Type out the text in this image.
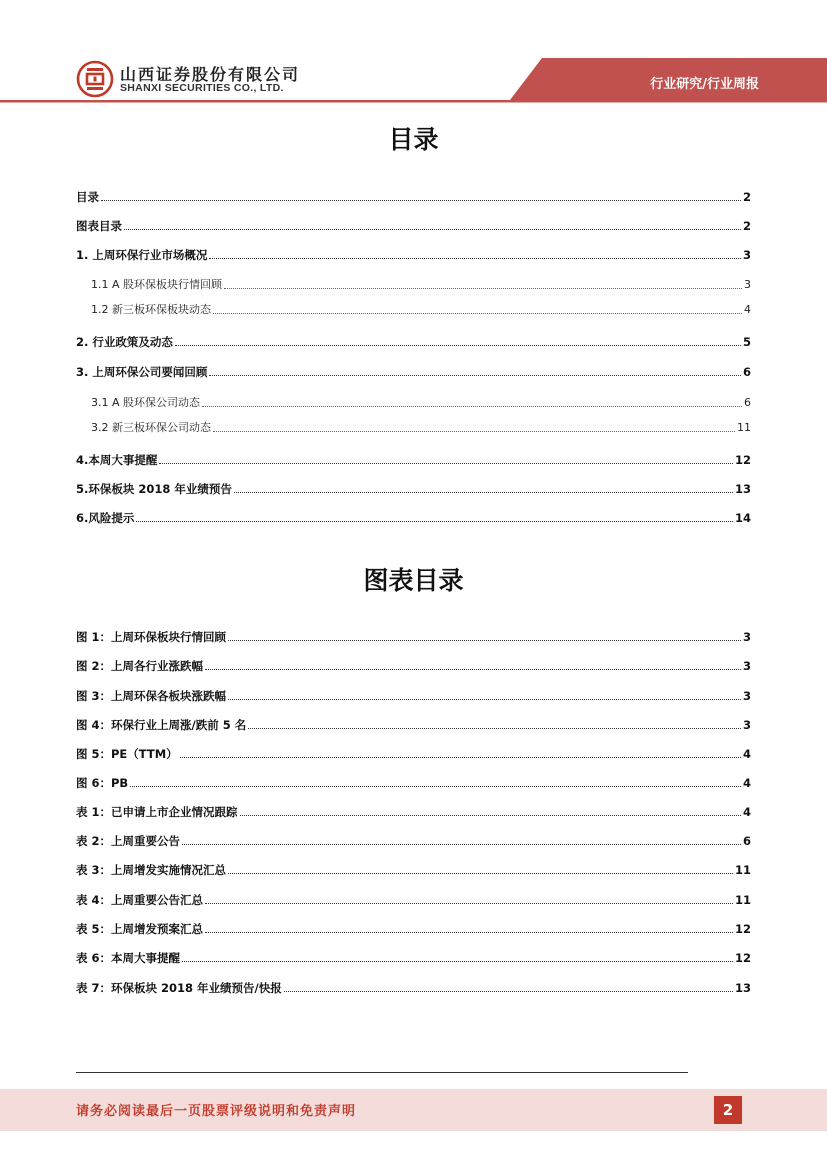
山西证券股份有限公司
SHANXI SECURITIES CO., LTD.	行业研究/行业周报
目录
目录	2
图表目录	2
1. 上周环保行业市场概况	3
1.1 A 股环保板块行情回顾	3
1.2 新三板环保板块动态	4
2. 行业政策及动态	5
3. 上周环保公司要闻回顾	6
3.1 A 股环保公司动态	6
3.2 新三板环保公司动态	11
4.本周大事提醒	12
5.环保板块 2018 年业绩预告	13
6.风险提示	14
图表目录
图 1：上周环保板块行情回顾	3
图 2：上周各行业涨跌幅	3
图 3：上周环保各板块涨跌幅	3
图 4：环保行业上周涨/跌前 5 名	3
图 5：PE（TTM）	4
图 6：PB	4
表 1：已申请上市企业情况跟踪	4
表 2：上周重要公告	6
表 3：上周增发实施情况汇总	11
表 4：上周重要公告汇总	11
表 5：上周增发预案汇总	12
表 6：本周大事提醒	12
表 7：环保板块 2018 年业绩预告/快报	13
请务必阅读最后一页股票评级说明和免责声明	2
